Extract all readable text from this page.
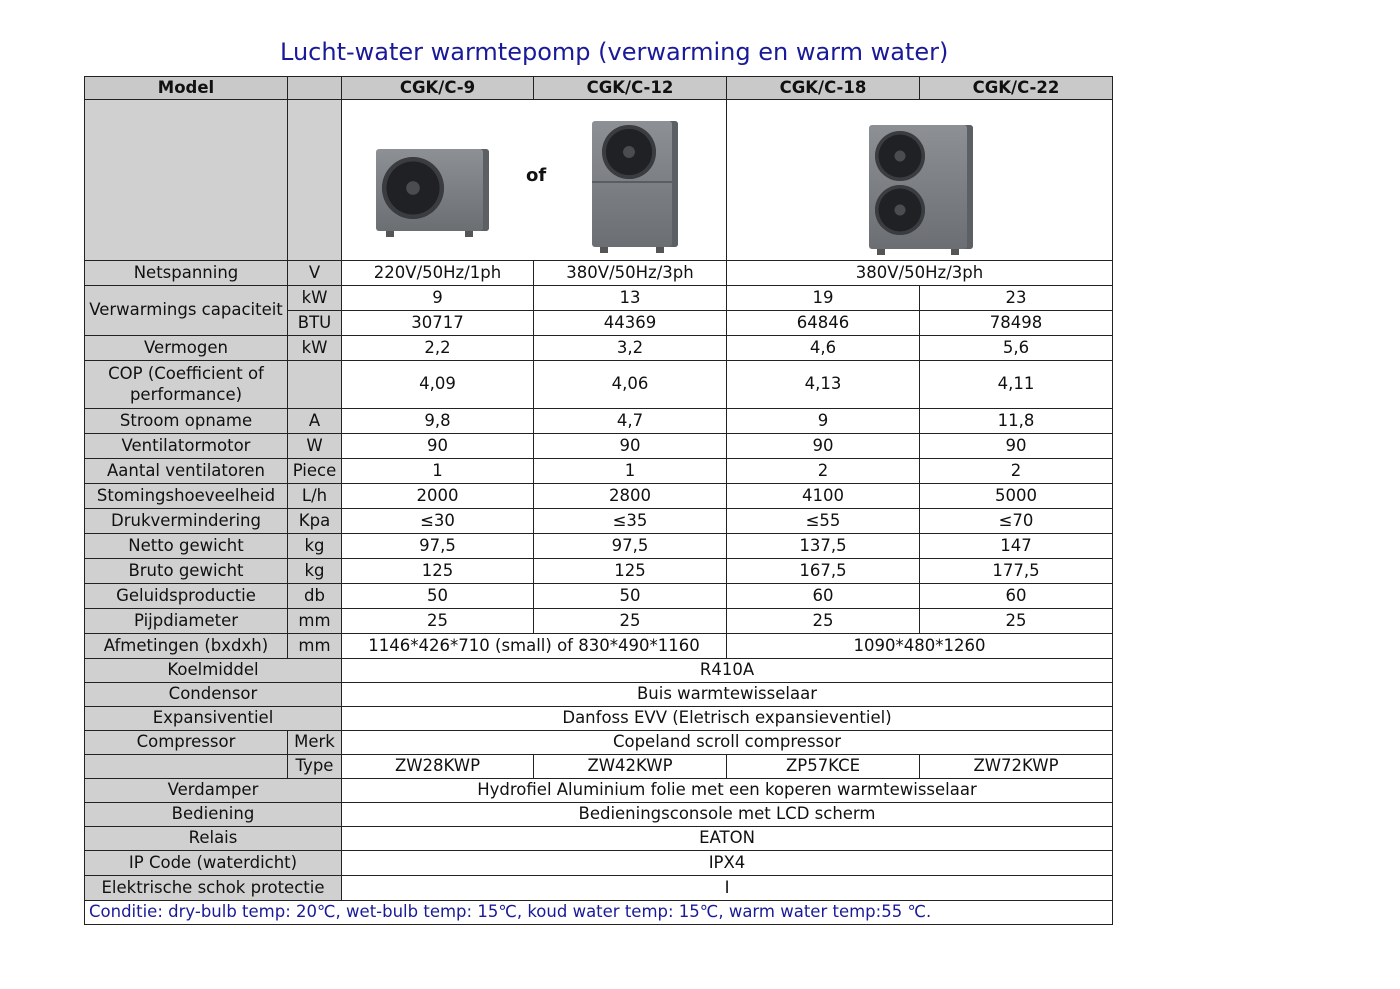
Lucht-water warmtepomp (verwarming en warm water)
Model		CGK/C-9	CGK/C-12	CGK/C-18	CGK/C-22

		of			

Netspanning	V	220V/50Hz/1ph	380V/50Hz/3ph	380V/50Hz/3ph	
Verwarmings capaciteit	kW	9	13	19	23
	BTU	30717	44369	64846	78498
Vermogen	kW	2,2	3,2	4,6	5,6
COP (Coefficient of performance)		4,09	4,06	4,13	4,11
Stroom opname	A	9,8	4,7	9	11,8
Ventilatormotor	W	90	90	90	90
Aantal ventilatoren	Piece	1	1	2	2
Stomingshoeveelheid	L/h	2000	2800	4100	5000
Drukvermindering	Kpa	≤30	≤35	≤55	≤70
Netto gewicht	kg	97,5	97,5	137,5	147
Bruto gewicht	kg	125	125	167,5	177,5
Geluidsproductie	db	50	50	60	60
Pijpdiameter	mm	25	25	25	25
Afmetingen (bxdxh)	mm	1146*426*710 (small) of 830*490*1160		1090*480*1260	
Koelmiddel		R410A			
Condensor		Buis warmtewisselaar			
Expansiventiel		Danfoss EVV (Eletrisch expansieventiel)			
Compressor	Merk	Copeland scroll compressor			
	Type	ZW28KWP	ZW42KWP	ZP57KCE	ZW72KWP
Verdamper		Hydrofiel Aluminium folie met een koperen warmtewisselaar			
Bediening		Bedieningsconsole met LCD scherm			
Relais		EATON			
IP Code (waterdicht)		IPX4			
Elektrische schok protectie		I			
Conditie: dry-bulb temp: 20℃, wet-bulb temp: 15℃, koud water temp: 15℃, warm water temp:55 ℃.					
